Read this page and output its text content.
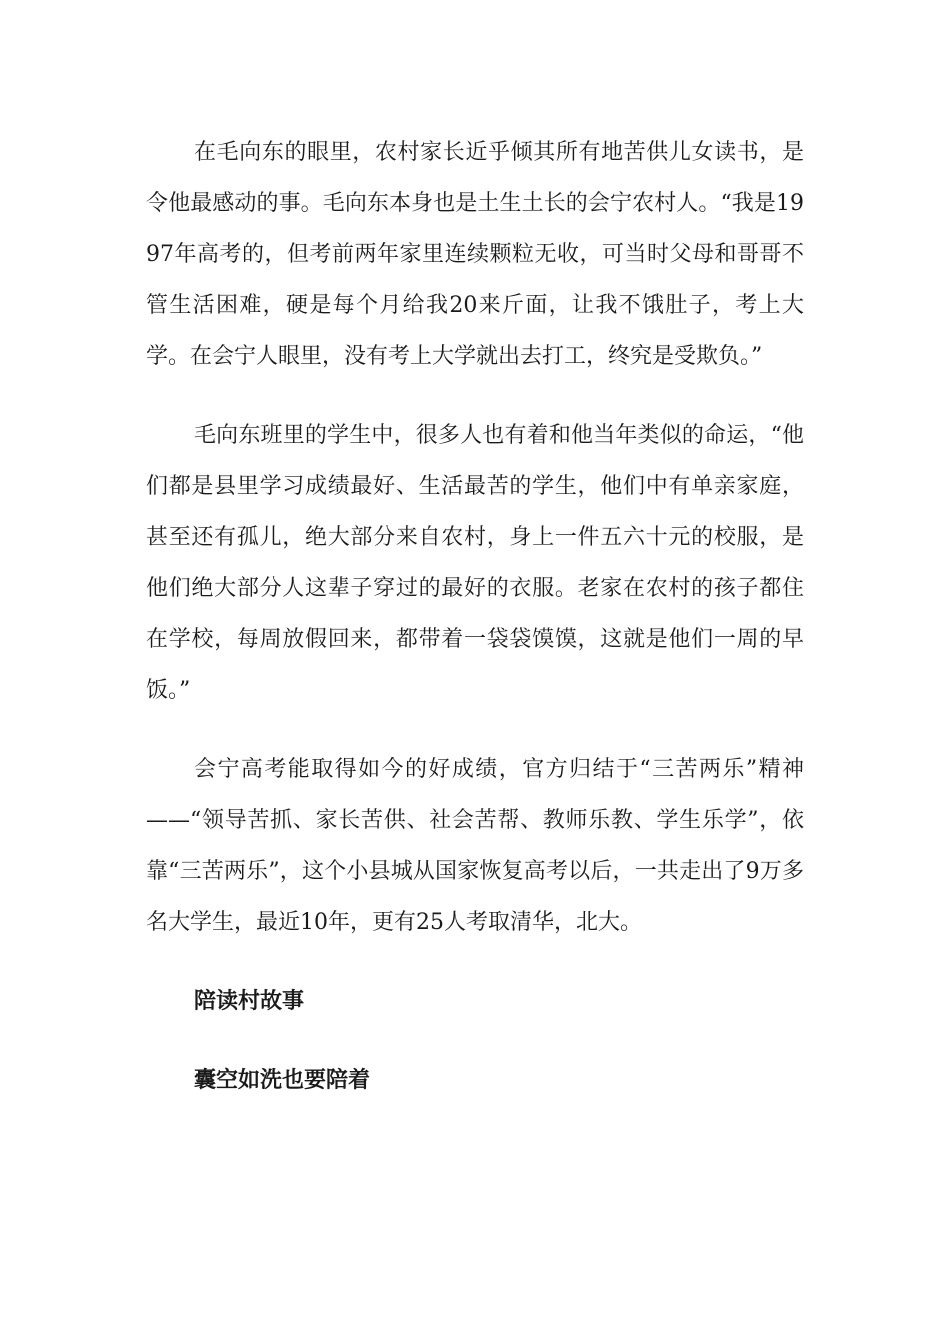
在毛向东的眼里，农村家长近乎倾其所有地苦供儿女读书，是令他最感动的事。毛向东本身也是土生土长的会宁农村人。“我是1997年高考的，但考前两年家里连续颗粒无收，可当时父母和哥哥不管生活困难，硬是每个月给我20来斤面，让我不饿肚子，考上大学。在会宁人眼里，没有考上大学就出去打工，终究是受欺负。”

毛向东班里的学生中，很多人也有着和他当年类似的命运，“他们都是县里学习成绩最好、生活最苦的学生，他们中有单亲家庭，甚至还有孤儿，绝大部分来自农村，身上一件五六十元的校服，是他们绝大部分人这辈子穿过的最好的衣服。老家在农村的孩子都住在学校，每周放假回来，都带着一袋袋馍馍，这就是他们一周的早饭。”

会宁高考能取得如今的好成绩，官方归结于“三苦两乐”精神——“领导苦抓、家长苦供、社会苦帮、教师乐教、学生乐学”，依靠“三苦两乐”，这个小县城从国家恢复高考以后，一共走出了9万多名大学生，最近10年，更有25人考取清华，北大。

陪读村故事

囊空如洗也要陪着
